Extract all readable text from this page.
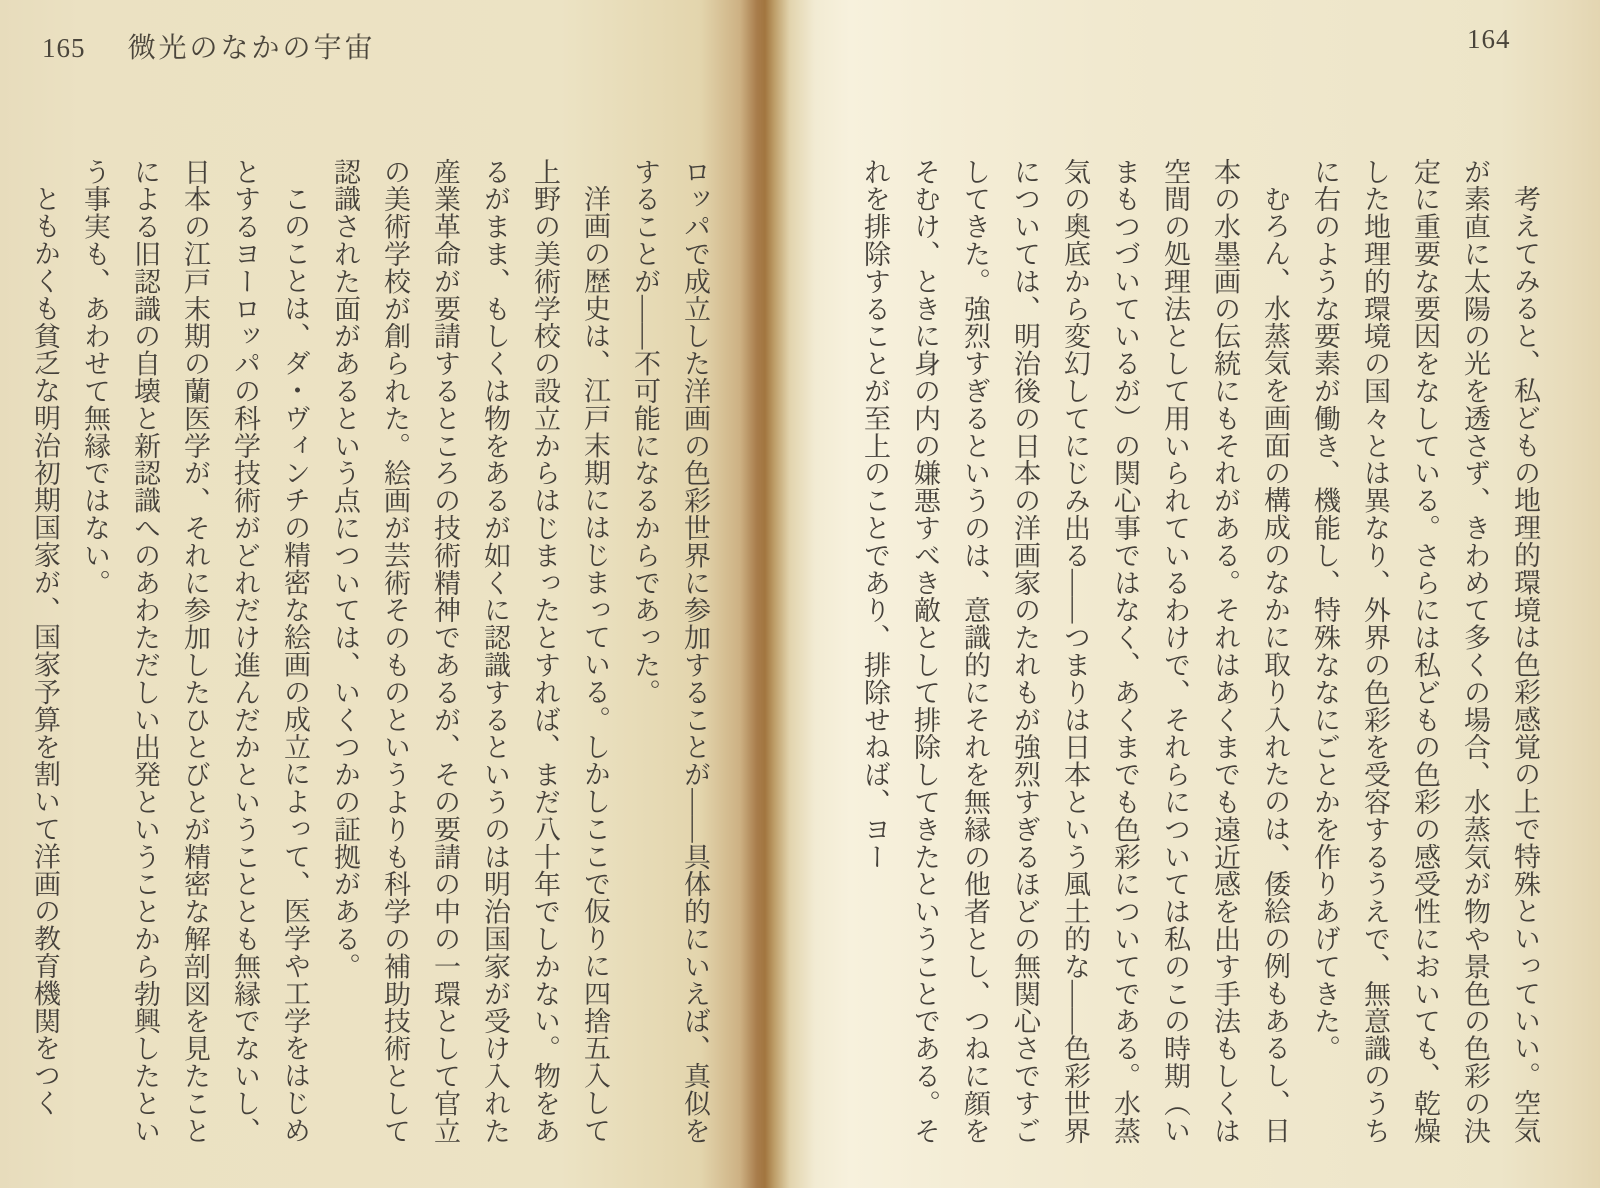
165 微光のなかの宇宙

ロッパで成立した洋画の色彩世界に参加することが——具体的にいえば、真似をすることが——不可能になるからであった。

洋画の歴史は、江戸末期にはじまっている。しかしここで仮りに四捨五入して上野の美術学校の設立からはじまったとすれば、まだ八十年でしかない。物をあるがまま、もしくは物をあるが如くに認識するというのは明治国家が受け入れた産業革命が要請するところの技術精神であるが、その要請の中の一環として官立の美術学校が創られた。絵画が芸術そのものというよりも科学の補助技術として認識された面があるという点については、いくつかの証拠がある。

このことは、ダ・ヴィンチの精密な絵画の成立によって、医学や工学をはじめとするヨーロッパの科学技術がどれだけ進んだかということとも無縁でないし、日本の江戸末期の蘭医学が、それに参加したひとびとが精密な解剖図を見たことによる旧認識の自壊と新認識へのあわただしい出発ということから勃興したという事実も、あわせて無縁ではない。

ともかくも貧乏な明治初期国家が、国家予算を割いて洋画の教育機関をつく

164

考えてみると、私どもの地理的環境は色彩感覚の上で特殊といっていい。空気が素直に太陽の光を透さず、きわめて多くの場合、水蒸気が物や景色の色彩の決定に重要な要因をなしている。さらには私どもの色彩の感受性においても、乾燥した地理的環境の国々とは異なり、外界の色彩を受容するうえで、無意識のうちに右のような要素が働き、機能し、特殊ななにごとかを作りあげてきた。

むろん、水蒸気を画面の構成のなかに取り入れたのは、倭絵の例もあるし、日本の水墨画の伝統にもそれがある。それはあくまでも遠近感を出す手法もしくは空間の処理法として用いられているわけで、それらについては私のこの時期（いまもつづいているが）の関心事ではなく、あくまでも色彩についてである。水蒸気の奥底から変幻してにじみ出る——つまりは日本という風土的な——色彩世界については、明治後の日本の洋画家のたれもが強烈すぎるほどの無関心さですごしてきた。強烈すぎるというのは、意識的にそれを無縁の他者とし、つねに顔をそむけ、ときに身の内の嫌悪すべき敵として排除してきたということである。それを排除することが至上のことであり、排除せねば、ヨー
